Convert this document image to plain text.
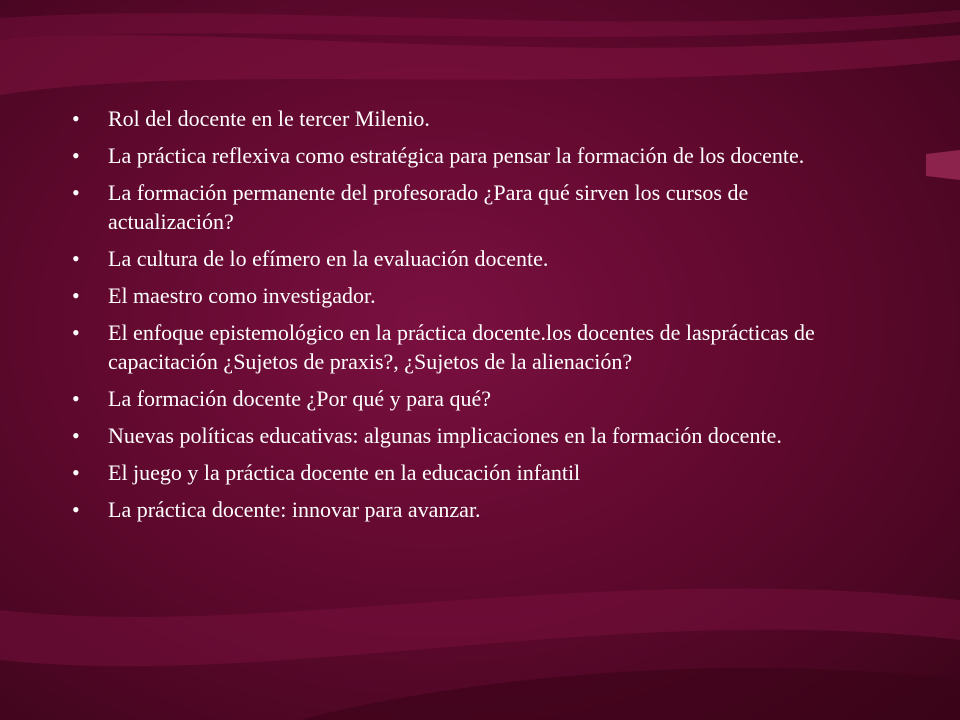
•	Rol del docente en le tercer Milenio.
•	La práctica reflexiva como estratégica para pensar la formación de los docente.
•	La formación permanente del profesorado ¿Para qué sirven los cursos de actualización?
•	La cultura de lo efímero en la evaluación docente.
•	El maestro como investigador.
•	El enfoque epistemológico en la práctica docente.los docentes de lasprácticas de capacitación ¿Sujetos de praxis?, ¿Sujetos de la alienación?
•	La formación docente ¿Por qué y para qué?
•	Nuevas políticas educativas: algunas implicaciones en la formación docente.
•	El juego y la práctica docente en la educación infantil
•	La práctica docente: innovar para avanzar.
